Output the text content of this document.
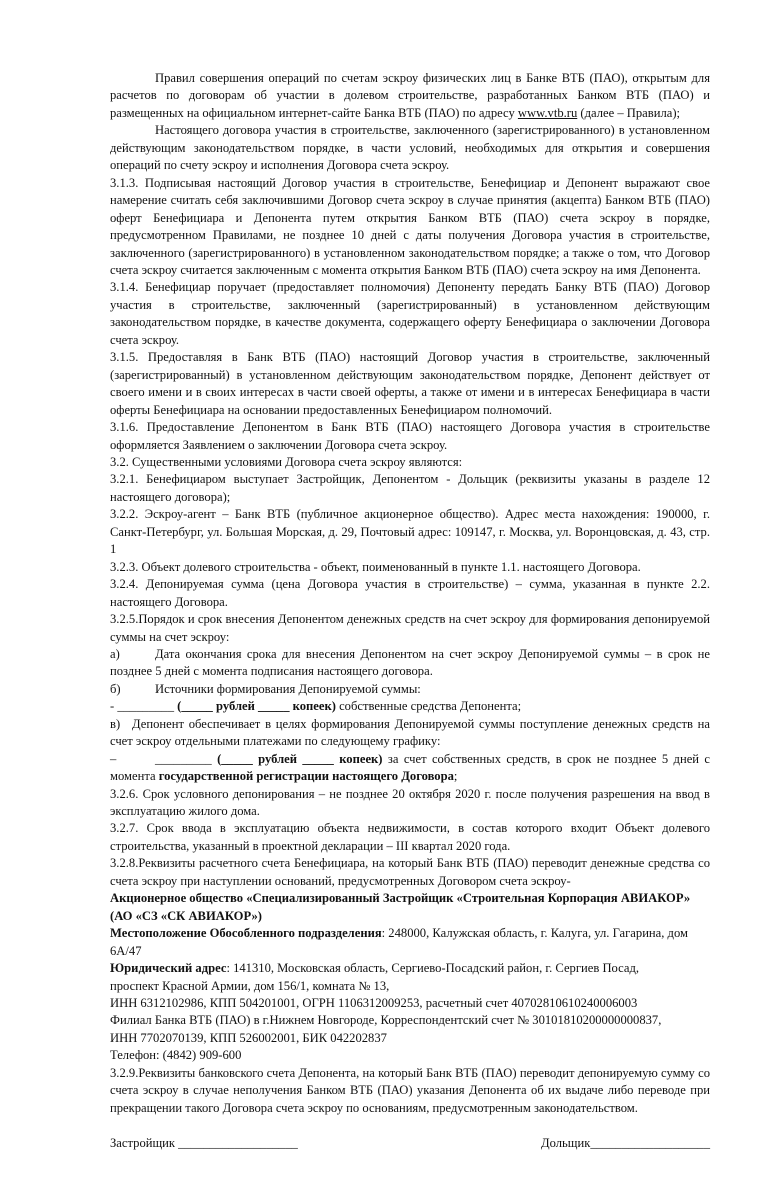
Правил совершения операций по счетам эскроу физических лиц в Банке ВТБ (ПАО), открытым для расчетов по договорам об участии в долевом строительстве, разработанных Банком ВТБ (ПАО) и размещенных на официальном интернет-сайте Банка ВТБ (ПАО) по адресу www.vtb.ru (далее – Правила);

Настоящего договора участия в строительстве, заключенного (зарегистрированного) в установленном действующим законодательством порядке, в части условий, необходимых для открытия и совершения операций по счету эскроу и исполнения Договора счета эскроу.

3.1.3. Подписывая настоящий Договор участия в строительстве, Бенефициар и Депонент выражают свое намерение считать себя заключившими Договор счета эскроу в случае принятия (акцепта) Банком ВТБ (ПАО) оферт Бенефициара и Депонента путем открытия Банком ВТБ (ПАО) счета эскроу в порядке, предусмотренном Правилами, не позднее 10 дней с даты получения Договора участия в строительстве, заключенного (зарегистрированного) в установленном законодательством порядке; а также о том, что Договор счета эскроу считается заключенным с момента открытия Банком ВТБ (ПАО) счета эскроу на имя Депонента.

3.1.4. Бенефициар поручает (предоставляет полномочия) Депоненту передать Банку ВТБ (ПАО) Договор участия в строительстве, заключенный (зарегистрированный) в установленном действующим законодательством порядке, в качестве документа, содержащего оферту Бенефициара о заключении Договора счета эскроу.

3.1.5. Предоставляя в Банк ВТБ (ПАО) настоящий Договор участия в строительстве, заключенный (зарегистрированный) в установленном действующим законодательством порядке, Депонент действует от своего имени и в своих интересах в части своей оферты, а также от имени и в интересах Бенефициара в части оферты Бенефициара на основании предоставленных Бенефициаром полномочий.

3.1.6. Предоставление Депонентом в Банк ВТБ (ПАО) настоящего Договора участия в строительстве оформляется Заявлением о заключении Договора счета эскроу.

3.2. Существенными условиями Договора счета эскроу являются:

3.2.1. Бенефициаром выступает Застройщик, Депонентом - Дольщик (реквизиты указаны в разделе 12 настоящего договора);

3.2.2. Эскроу-агент – Банк ВТБ (публичное акционерное общество). Адрес места нахождения: 190000, г. Санкт-Петербург, ул. Большая Морская, д. 29, Почтовый адрес: 109147, г. Москва, ул. Воронцовская, д. 43, стр. 1

3.2.3. Объект долевого строительства - объект, поименованный в пункте 1.1. настоящего Договора.

3.2.4. Депонируемая сумма (цена Договора участия в строительстве) – сумма, указанная в пункте 2.2. настоящего Договора.

3.2.5.Порядок и срок внесения Депонентом денежных средств на счет эскроу для формирования депонируемой суммы на счет эскроу:

а)	Дата окончания срока для внесения Депонентом на счет эскроу Депонируемой суммы – в срок не позднее 5 дней с момента подписания настоящего договора.

б)	Источники формирования Депонируемой суммы:

- _________ (_____ рублей _____ копеек) собственные средства Депонента;

в) Депонент обеспечивает в целях формирования Депонируемой суммы поступление денежных средств на счет эскроу отдельными платежами по следующему графику:

–	_________ (_____ рублей _____ копеек) за счет собственных средств, в срок не позднее 5 дней с момента государственной регистрации настоящего Договора;

3.2.6. Срок условного депонирования – не позднее 20 октября 2020 г. после получения разрешения на ввод в эксплуатацию жилого дома.

3.2.7. Срок ввода в эксплуатацию объекта недвижимости, в состав которого входит Объект долевого строительства, указанный в проектной декларации – III квартал 2020 года.

3.2.8.Реквизиты расчетного счета Бенефициара, на который Банк ВТБ (ПАО) переводит денежные средства со счета эскроу при наступлении оснований, предусмотренных Договором счета эскроу-

Акционерное общество «Специализированный Застройщик «Строительная Корпорация АВИАКОР»

(АО «СЗ «СК АВИАКОР»)

Местоположение Обособленного подразделения: 248000, Калужская область, г. Калуга, ул. Гагарина, дом 6А/47

Юридический адрес: 141310, Московская область, Сергиево-Посадский район, г. Сергиев Посад,

проспект Красной Армии, дом 156/1, комната № 13,

ИНН 6312102986, КПП 504201001, ОГРН 1106312009253, расчетный счет 40702810610240006003

Филиал Банка ВТБ (ПАО) в г.Нижнем Новгороде, Корреспондентский счет № 30101810200000000837,

ИНН 7702070139, КПП 526002001, БИК 042202837

Телефон: (4842) 909-600

3.2.9.Реквизиты банковского счета Депонента, на который Банк ВТБ (ПАО) переводит депонируемую сумму со счета эскроу в случае неполучения Банком ВТБ (ПАО) указания Депонента об их выдаче либо переводе при прекращении такого Договора счета эскроу по основаниям, предусмотренным законодательством.

Застройщик ___________________	Дольщик___________________
